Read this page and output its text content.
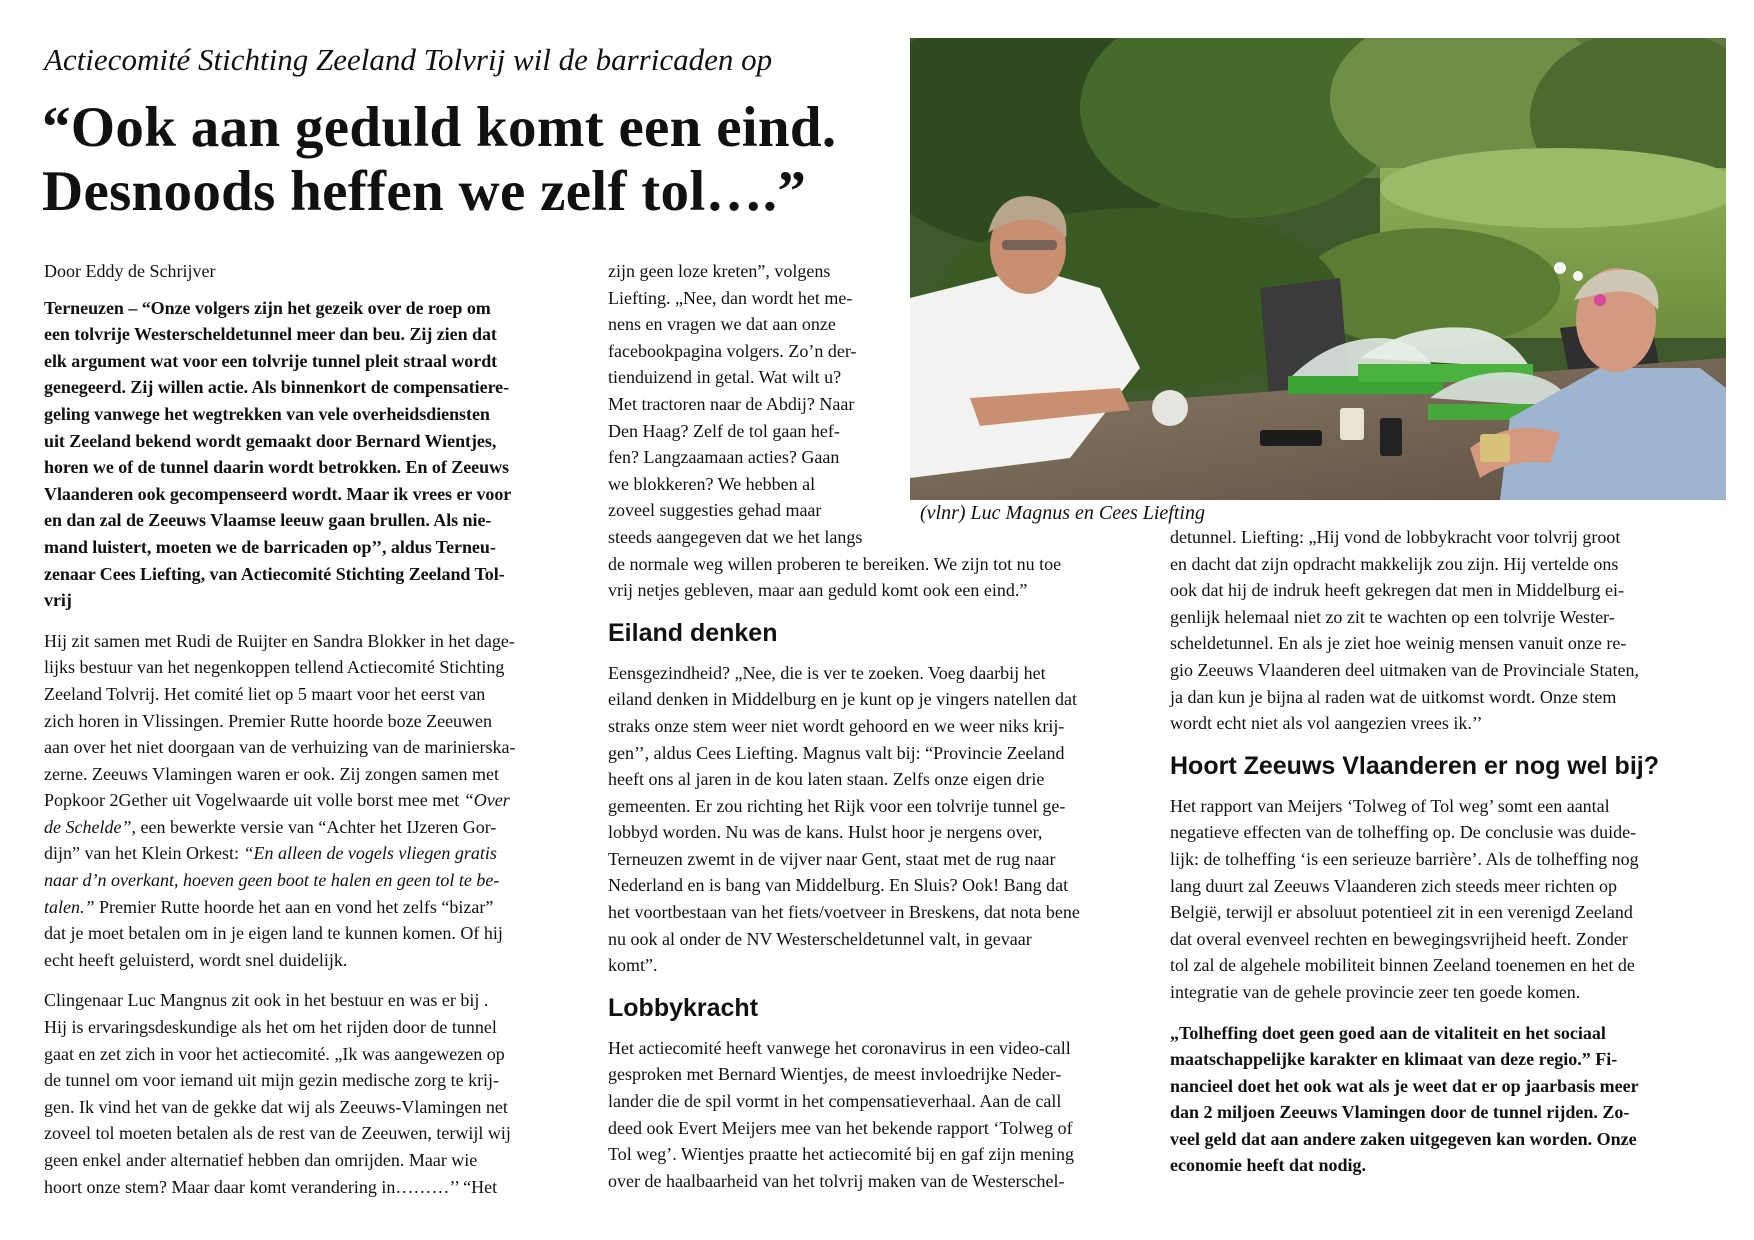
Actiecomité Stichting Zeeland Tolvrij wil de barricaden op
“Ook aan geduld komt een eind.
Desnoods heffen we zelf tol….”

Door Eddy de Schrijver

Terneuzen – “Onze volgers zijn het gezeik over de roep om
een tolvrije Westerscheldetunnel meer dan beu. Zij zien dat
elk argument wat voor een tolvrije tunnel pleit straal wordt
genegeerd. Zij willen actie. Als binnenkort de compensatiere-
geling vanwege het wegtrekken van vele overheidsdiensten
uit Zeeland bekend wordt gemaakt door Bernard Wientjes,
horen we of de tunnel daarin wordt betrokken. En of Zeeuws
Vlaanderen ook gecompenseerd wordt. Maar ik vrees er voor
en dan zal de Zeeuws Vlaamse leeuw gaan brullen. Als nie-
mand luistert, moeten we de barricaden op’’, aldus Terneu-
zenaar Cees Liefting, van Actiecomité Stichting Zeeland Tol-
vrij

Hij zit samen met Rudi de Ruijter en Sandra Blokker in het dage-
lijks bestuur van het negenkoppen tellend Actiecomité Stichting
Zeeland Tolvrij. Het comité liet op 5 maart voor het eerst van
zich horen in Vlissingen. Premier Rutte hoorde boze Zeeuwen
aan over het niet doorgaan van de verhuizing van de marinierska-
zerne. Zeeuws Vlamingen waren er ook. Zij zongen samen met
Popkoor 2Gether uit Vogelwaarde uit volle borst mee met “Over
de Schelde”, een bewerkte versie van “Achter het IJzeren Gor-
dijn” van het Klein Orkest: “En alleen de vogels vliegen gratis
naar d’n overkant, hoeven geen boot te halen en geen tol te be-
talen.” Premier Rutte hoorde het aan en vond het zelfs “bizar”
dat je moet betalen om in je eigen land te kunnen komen. Of hij
echt heeft geluisterd, wordt snel duidelijk.

Clingenaar Luc Mangnus zit ook in het bestuur en was er bij .
Hij is ervaringsdeskundige als het om het rijden door de tunnel
gaat en zet zich in voor het actiecomité. „Ik was aangewezen op
de tunnel om voor iemand uit mijn gezin medische zorg te krij-
gen. Ik vind het van de gekke dat wij als Zeeuws-Vlamingen net
zoveel tol moeten betalen als de rest van de Zeeuwen, terwijl wij
geen enkel ander alternatief hebben dan omrijden. Maar wie
hoort onze stem? Maar daar komt verandering in………’’ “Het

zijn geen loze kreten”, volgens
Liefting. „Nee, dan wordt het me-
nens en vragen we dat aan onze
facebookpagina volgers. Zo’n der-
tienduizend in getal. Wat wilt u?
Met tractoren naar de Abdij? Naar
Den Haag? Zelf de tol gaan hef-
fen? Langzaamaan acties? Gaan
we blokkeren? We hebben al
zoveel suggesties gehad maar
steeds aangegeven dat we het langs
de normale weg willen proberen te bereiken. We zijn tot nu toe
vrij netjes gebleven, maar aan geduld komt ook een eind.”

Eiland denken

Eensgezindheid? „Nee, die is ver te zoeken. Voeg daarbij het
eiland denken in Middelburg en je kunt op je vingers natellen dat
straks onze stem weer niet wordt gehoord en we weer niks krij-
gen’’, aldus Cees Liefting. Magnus valt bij: “Provincie Zeeland
heeft ons al jaren in de kou laten staan. Zelfs onze eigen drie
gemeenten. Er zou richting het Rijk voor een tolvrije tunnel ge-
lobbyd worden. Nu was de kans. Hulst hoor je nergens over,
Terneuzen zwemt in de vijver naar Gent, staat met de rug naar
Nederland en is bang van Middelburg. En Sluis? Ook! Bang dat
het voortbestaan van het fiets/voetveer in Breskens, dat nota bene
nu ook al onder de NV Westerscheldetunnel valt, in gevaar
komt”.

Lobbykracht

Het actiecomité heeft vanwege het coronavirus in een video-call
gesproken met Bernard Wientjes, de meest invloedrijke Neder-
lander die de spil vormt in het compensatieverhaal. Aan de call
deed ook Evert Meijers mee van het bekende rapport ‘Tolweg of
Tol weg’. Wientjes praatte het actiecomité bij en gaf zijn mening
over de haalbaarheid van het tolvrij maken van de Westerschel-

detunnel. Liefting: „Hij vond de lobbykracht voor tolvrij groot
en dacht dat zijn opdracht makkelijk zou zijn. Hij vertelde ons
ook dat hij de indruk heeft gekregen dat men in Middelburg ei-
genlijk helemaal niet zo zit te wachten op een tolvrije Wester-
scheldetunnel. En als je ziet hoe weinig mensen vanuit onze re-
gio Zeeuws Vlaanderen deel uitmaken van de Provinciale Staten,
ja dan kun je bijna al raden wat de uitkomst wordt. Onze stem
wordt echt niet als vol aangezien vrees ik.’’

Hoort Zeeuws Vlaanderen er nog wel bij?

Het rapport van Meijers ‘Tolweg of Tol weg’ somt een aantal
negatieve effecten van de tolheffing op. De conclusie was duide-
lijk: de tolheffing ‘is een serieuze barrière’. Als de tolheffing nog
lang duurt zal Zeeuws Vlaanderen zich steeds meer richten op
België, terwijl er absoluut potentieel zit in een verenigd Zeeland
dat overal evenveel rechten en bewegingsvrijheid heeft. Zonder
tol zal de algehele mobiliteit binnen Zeeland toenemen en het de
integratie van de gehele provincie zeer ten goede komen.

„Tolheffing doet geen goed aan de vitaliteit en het sociaal
maatschappelijke karakter en klimaat van deze regio.” Fi-
nancieel doet het ook wat als je weet dat er op jaarbasis meer
dan 2 miljoen Zeeuws Vlamingen door de tunnel rijden. Zo-
veel geld dat aan andere zaken uitgegeven kan worden. Onze
economie heeft dat nodig.

(vlnr) Luc Magnus en Cees Liefting
